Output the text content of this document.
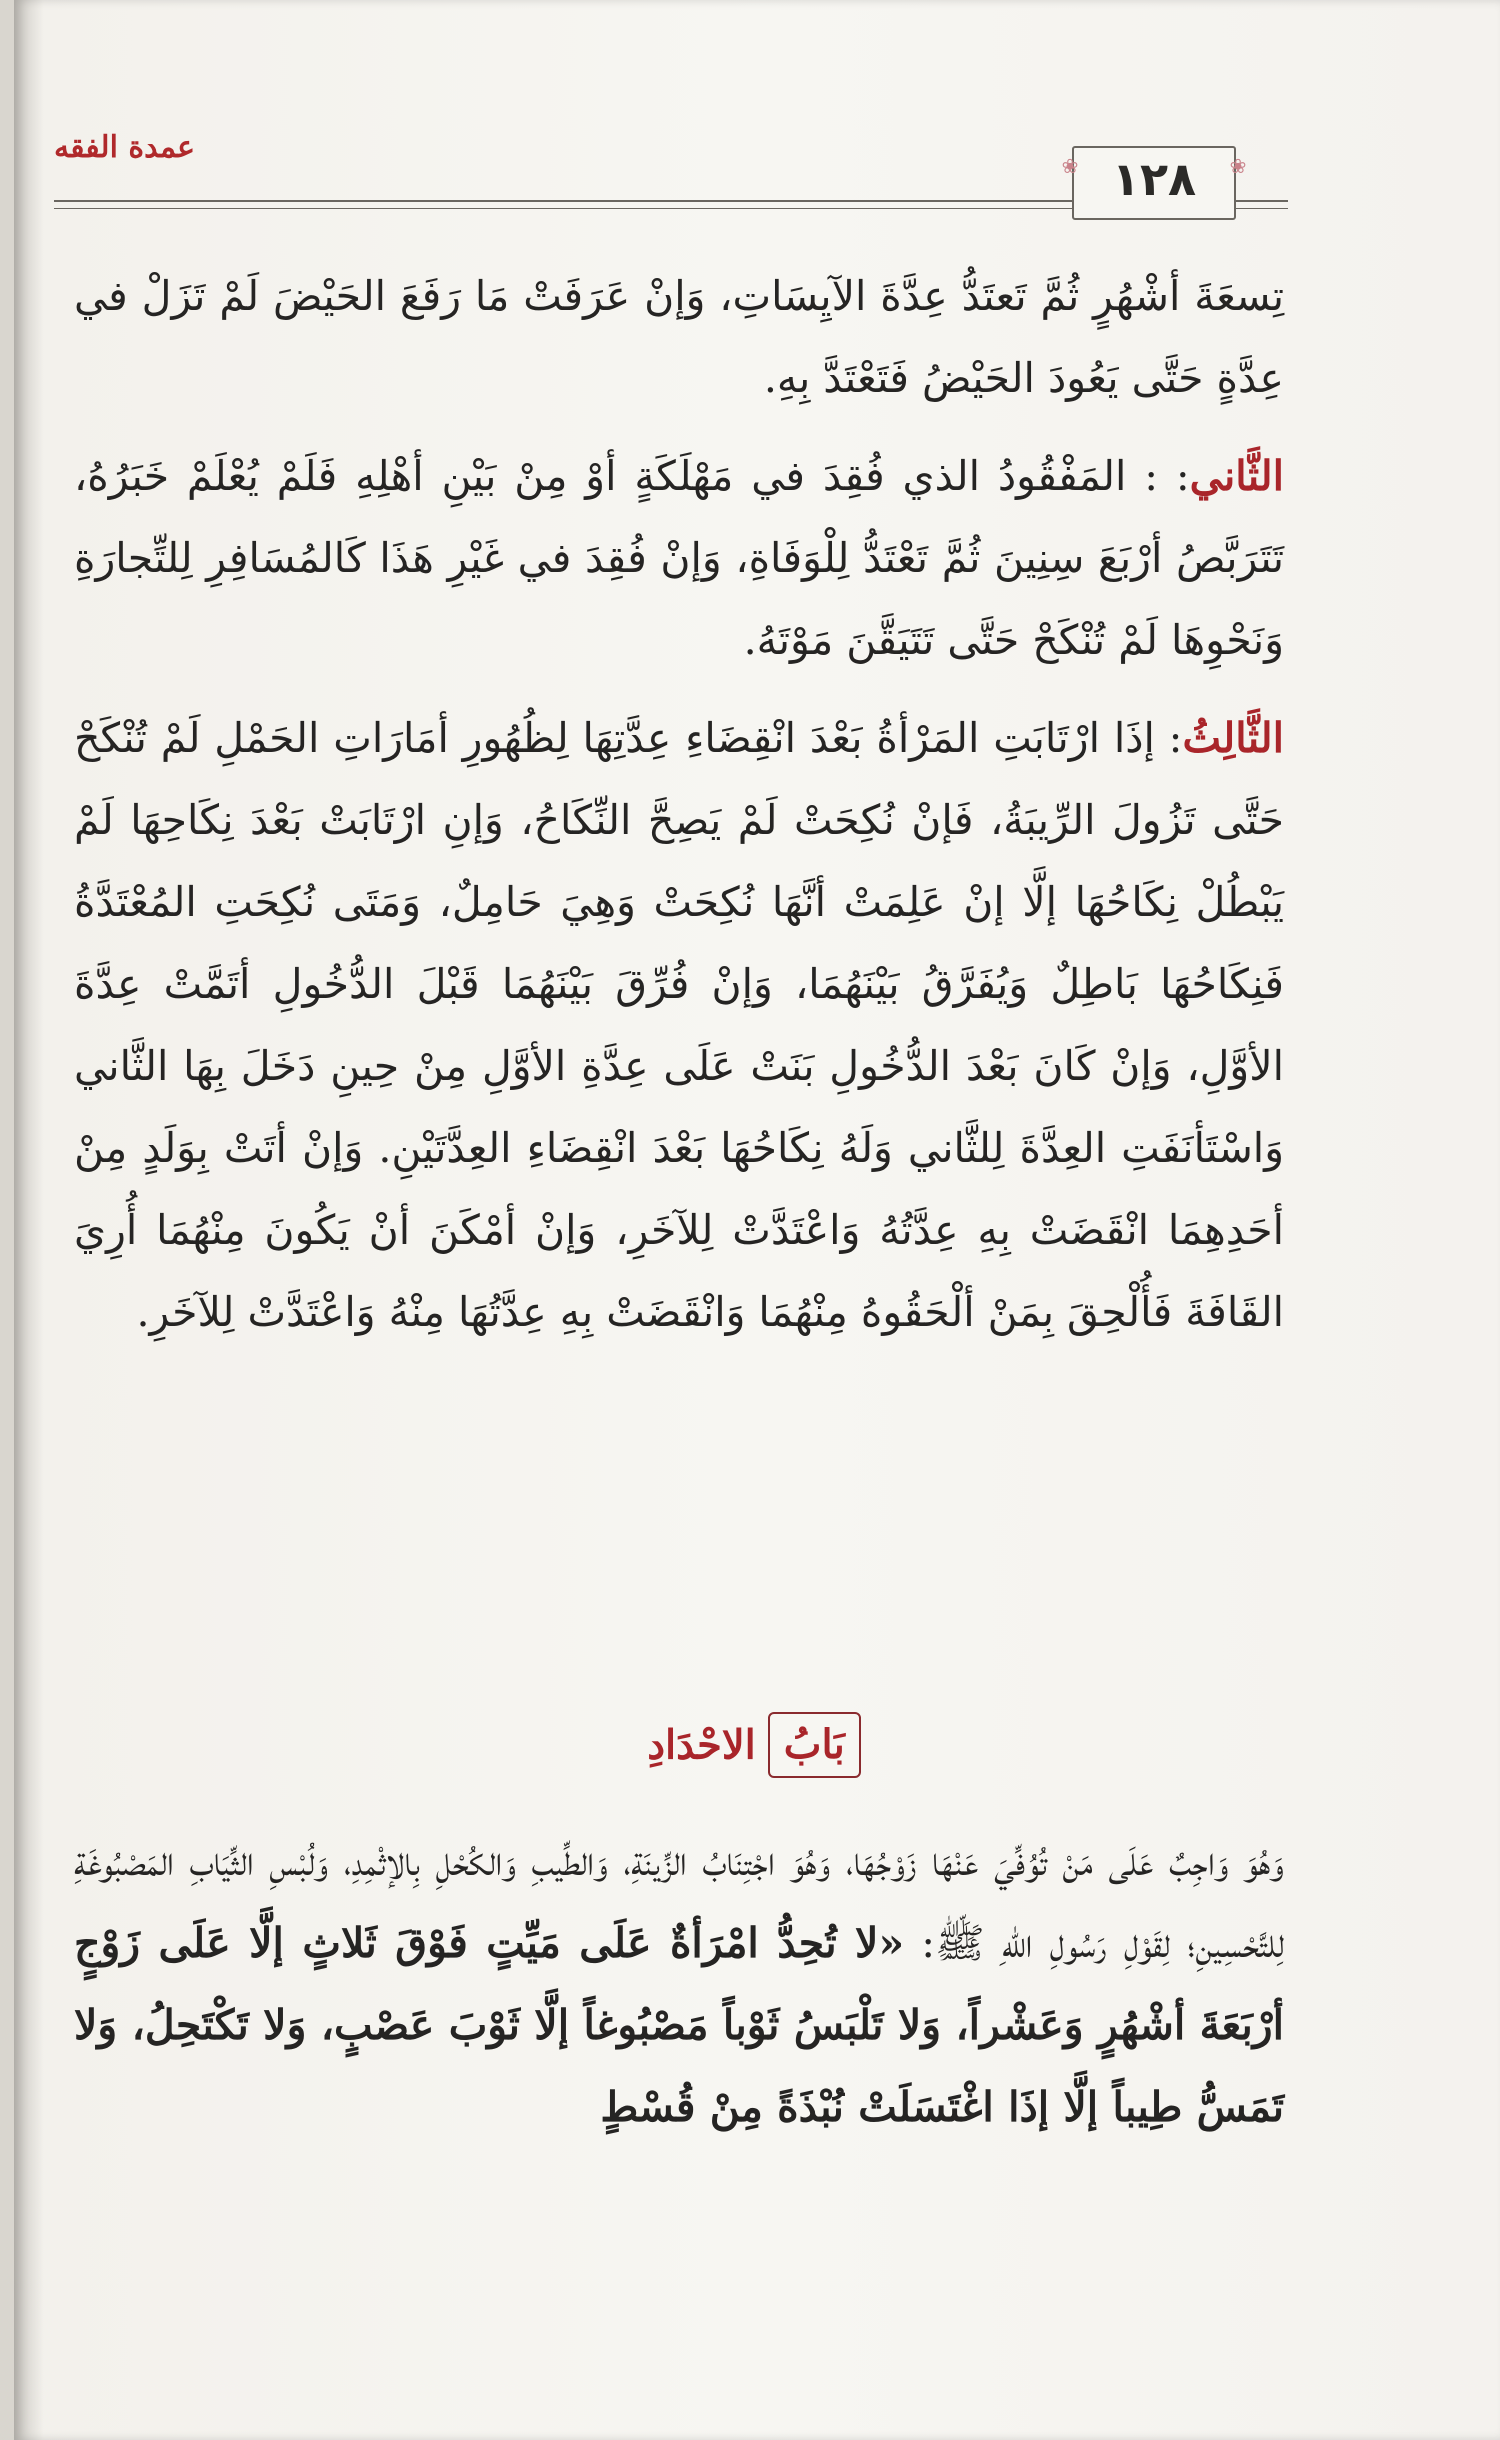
عمدة الفقه
❀	❀
١٢٨

تِسعَةَ أشْهُرٍ ثُمَّ تَعتَدُّ عِدَّةَ الآيِسَاتِ، وَإنْ عَرَفَتْ مَا رَفَعَ الحَيْضَ لَمْ تَزَلْ في عِدَّةٍ حَتَّى يَعُودَ الحَيْضُ فَتَعْتَدَّ بِهِ.

الثَّاني: : المَفْقُودُ الذي فُقِدَ في مَهْلَكَةٍ أوْ مِنْ بَيْنِ أهْلِهِ فَلَمْ يُعْلَمْ خَبَرُهُ، تَتَرَبَّصُ أرْبَعَ سِنِينَ ثُمَّ تَعْتَدُّ لِلْوَفَاةِ، وَإنْ فُقِدَ في غَيْرِ هَذَا كَالمُسَافِرِ لِلتِّجارَةِ وَنَحْوِهَا لَمْ تُنْكَحْ حَتَّى تَتَيَقَّنَ مَوْتَهُ.

الثَّالِثُ: إذَا ارْتَابَتِ المَرْأةُ بَعْدَ انْقِضَاءِ عِدَّتِهَا لِظُهُورِ أمَارَاتِ الحَمْلِ لَمْ تُنْكَحْ حَتَّى تَزُولَ الرِّيبَةُ، فَإنْ نُكِحَتْ لَمْ يَصِحَّ النِّكَاحُ، وَإنِ ارْتَابَتْ بَعْدَ نِكَاحِهَا لَمْ يَبْطُلْ نِكَاحُهَا إلَّا إنْ عَلِمَتْ أنَّهَا نُكِحَتْ وَهِيَ حَامِلٌ، وَمَتَى نُكِحَتِ المُعْتَدَّةُ فَنِكَاحُهَا بَاطِلٌ وَيُفَرَّقُ بَيْنَهُمَا، وَإنْ فُرِّقَ بَيْنَهُمَا قَبْلَ الدُّخُولِ أتَمَّتْ عِدَّةَ الأوَّلِ، وَإنْ كَانَ بَعْدَ الدُّخُولِ بَنَتْ عَلَى عِدَّةِ الأوَّلِ مِنْ حِينِ دَخَلَ بِهَا الثَّاني وَاسْتَأنَفَتِ العِدَّةَ لِلثَّاني وَلَهُ نِكَاحُهَا بَعْدَ انْقِضَاءِ العِدَّتَيْنِ. وَإنْ أتَتْ بِوَلَدٍ مِنْ أحَدِهِمَا انْقَضَتْ بِهِ عِدَّتُهُ وَاعْتَدَّتْ لِلآخَرِ، وَإنْ أمْكَنَ أنْ يَكُونَ مِنْهُمَا أُرِيَ القَافَةَ فَأُلْحِقَ بِمَنْ ألْحَقُوهُ مِنْهُمَا وَانْقَضَتْ بِهِ عِدَّتُهَا مِنْهُ وَاعْتَدَّتْ لِلآخَرِ.

بَابُالاحْدَادِ

وَهُوَ وَاجِبٌ عَلَى مَنْ تُوُفِّيَ عَنْهَا زَوْجُهَا، وَهُوَ اجْتِنَابُ الزِّينَةِ، وَالطِّيبِ وَالكُحْلِ بِالإثْمِدِ، وَلُبْسِ الثِّيَابِ المَصْبُوغَةِ لِلتَّحْسِينِ؛ لِقَوْلِ رَسُولِ اللهِ ﷺ: «لا تُحِدُّ امْرَأةٌ عَلَى مَيِّتٍ فَوْقَ ثَلاثٍ إلَّا عَلَى زَوْجٍ أرْبَعَةَ أشْهُرٍ وَعَشْراً، وَلا تَلْبَسُ ثَوْباً مَصْبُوغاً إلَّا ثَوْبَ عَصْبٍ، وَلا تَكْتَحِلُ، وَلا تَمَسُّ طِيباً إلَّا إذَا اغْتَسَلَتْ نُبْذَةً مِنْ قُسْطٍ
